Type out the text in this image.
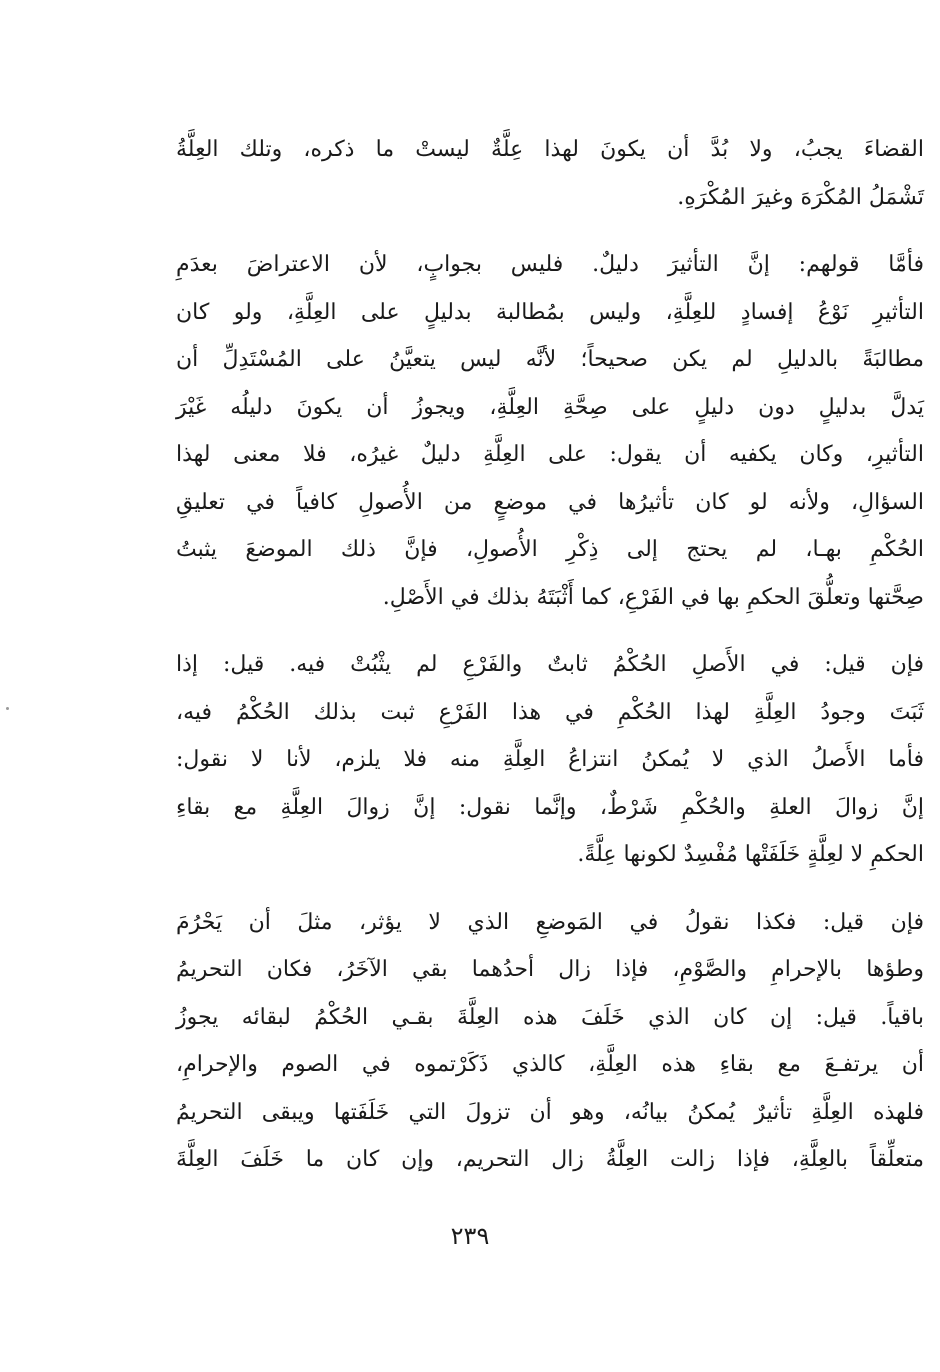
القضاءَ يجبُ، ولا بُدَّ أن يكونَ لهذا عِلَّةٌ ليستْ ما ذكره، وتلك العِلَّةُ
تَشْمَلُ المُكْرَهَ وغيرَ المُكْرَهِ.
فأمَّا قولهم: إنَّ التأثيرَ دليلٌ. فليس بجوابٍ، لأن الاعتراضَ بعدَمِ
التأثيرِ نَوْعُ إفسادٍ للعِلَّةِ، وليس بمُطالبة بدليلٍ على العِلَّةِ، ولو كان
مطالبَةً بالدليلِ لم يكن صحيحاً؛ لأنَّه ليس يتعيَّنُ على المُسْتَدِلِّ أن
يَدلَّ بدليلٍ دون دليلٍ على صِحَّةِ العِلَّةِ، ويجوزُ أن يكونَ دليلُه غَيْرَ
التأثيرِ، وكان يكفيه أن يقول: على العِلَّةِ دليلٌ غيرُه، فلا معنى لهذا
السؤالِ، ولأنه لو كان تأثيرُها في موضعٍ من الأُصولِ كافياً في تعليقِ
الحُكْمِ بهـا، لم يحتج إلى ذِكْرِ الأُصولِ، فإنَّ ذلك الموضعَ يثبتُ
صِحَّتها وتعلُّقَ الحكمِ بها في الفَرْعِ، كما أَثْبَتَهُ بذلك في الأَصْلِ.
فإن قيل: في الأَصلِ الحُكْمُ ثابتٌ والفَرْعِ لم يثْبُتْ فيه. قيل: إذا
ثَبَتَ وجودُ العِلَّةِ لهذا الحُكْمِ في هذا الفَرْعِ ثبت بذلك الحُكْمُ فيه،
فأما الأَصلُ الذي لا يُمكنُ انتزاعُ العِلَّةِ منه فلا يلزم، لأنا لا نقول:
إنَّ زوالَ العلةِ والحُكْمِ شَرْطٌ، وإنَّما نقول: إنَّ زوالَ العِلَّةِ مع بقاءِ
الحكمِ لا لعِلَّةٍ خَلَفَتْها مُفْسِدٌ لكونها عِلَّةً.
فإن قيل: فكذا نقولُ في المَوضعِ الذي لا يؤثر، مثلَ أن يَحْرُمَ
وطؤها بالإحرامِ والصَّوْمِ، فإذا زال أحدُهما بقي الآخَرُ، فكان التحريمُ
باقياً. قيل: إن كان الذي خَلَفَ هذه العِلَّةَ بقـي الحُكْمُ لبقائه يجوزُ
أن يرتفـعَ مع بقاءِ هذه العِلَّةِ، كالذي ذَكَرْتموه في الصوم والإحرامِ،
فلهذه العِلَّةِ تأثيرٌ يُمكنُ بيانُه، وهو أن تزولَ التي خَلَفَتها ويبقى التحريمُ
متعلِّقاً بالعِلَّةِ، فإذا زالت العِلَّةُ زال التحريم، وإن كان ما خَلَفَ العِلَّةَ
٢٣٩
